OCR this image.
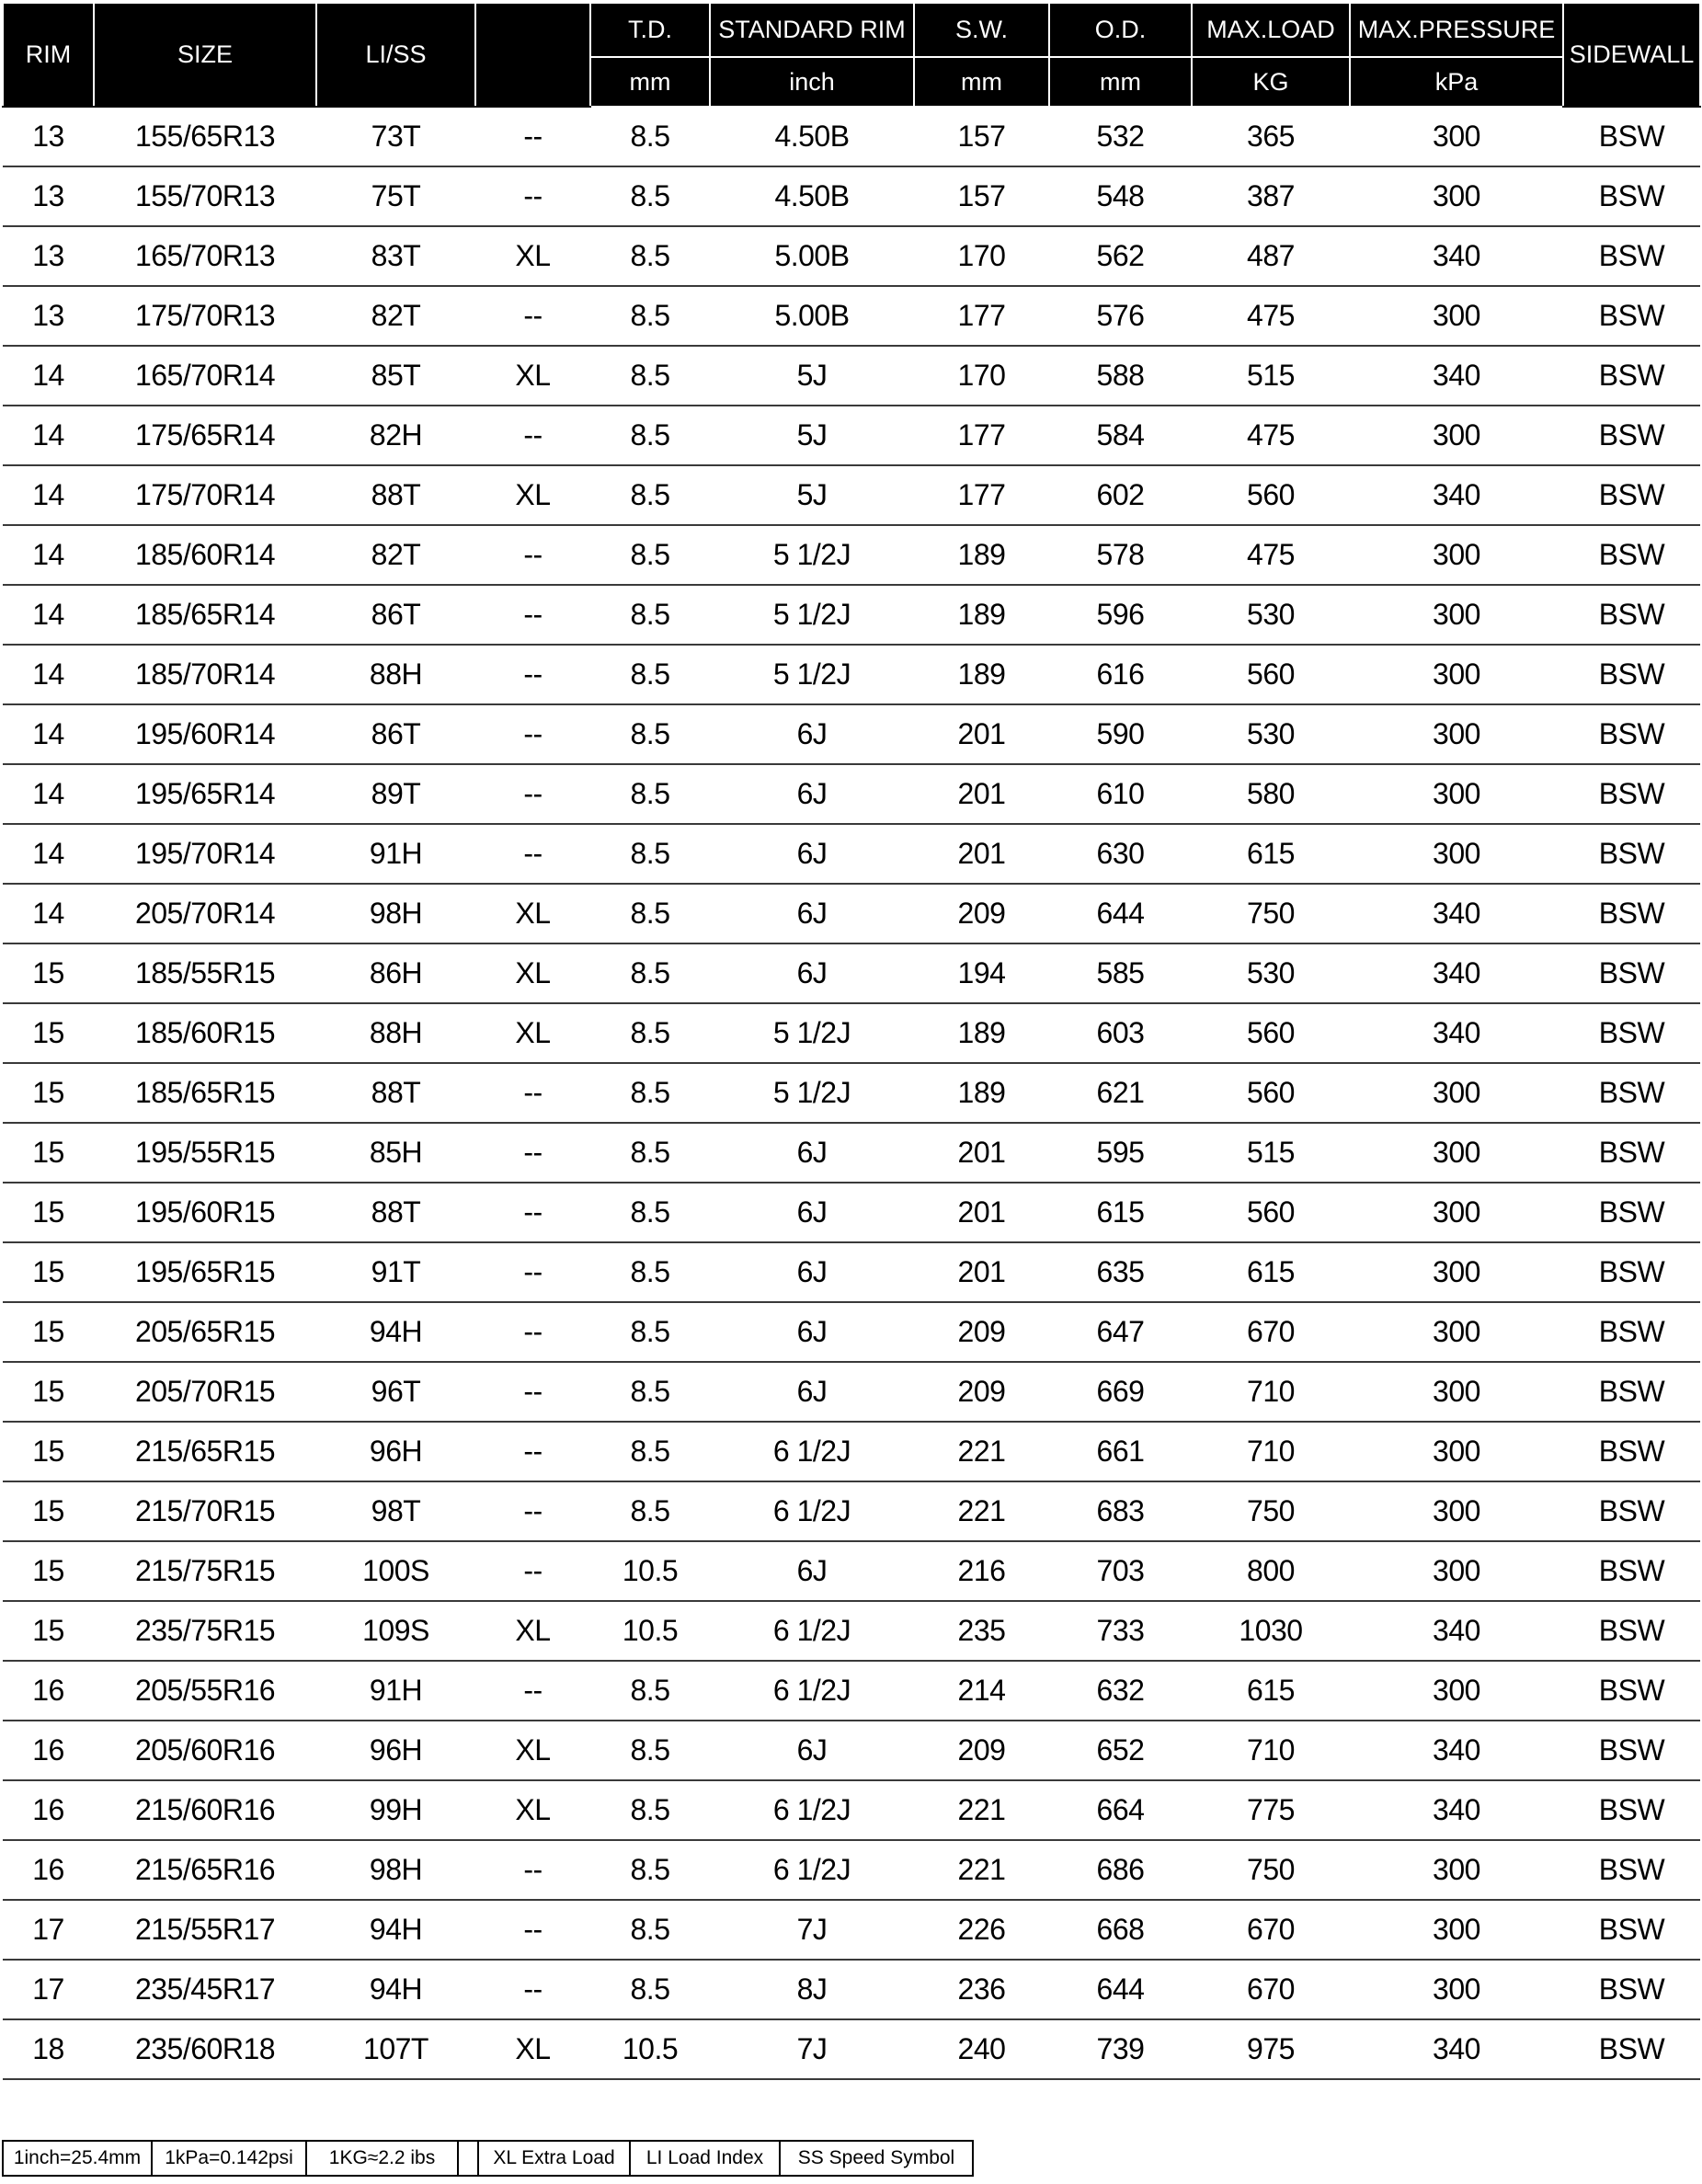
RIM	SIZE	LI/SS		T.D.	STANDARD RIM	S.W.	O.D.	MAX.LOAD	MAX.PRESSURE	SIDEWALL
				mm	inch	mm	mm	KG	kPa	
13	155/65R13	73T	--	8.5	4.50B	157	532	365	300	BSW
13	155/70R13	75T	--	8.5	4.50B	157	548	387	300	BSW
13	165/70R13	83T	XL	8.5	5.00B	170	562	487	340	BSW
13	175/70R13	82T	--	8.5	5.00B	177	576	475	300	BSW
14	165/70R14	85T	XL	8.5	5J	170	588	515	340	BSW
14	175/65R14	82H	--	8.5	5J	177	584	475	300	BSW
14	175/70R14	88T	XL	8.5	5J	177	602	560	340	BSW
14	185/60R14	82T	--	8.5	5 1/2J	189	578	475	300	BSW
14	185/65R14	86T	--	8.5	5 1/2J	189	596	530	300	BSW
14	185/70R14	88H	--	8.5	5 1/2J	189	616	560	300	BSW
14	195/60R14	86T	--	8.5	6J	201	590	530	300	BSW
14	195/65R14	89T	--	8.5	6J	201	610	580	300	BSW
14	195/70R14	91H	--	8.5	6J	201	630	615	300	BSW
14	205/70R14	98H	XL	8.5	6J	209	644	750	340	BSW
15	185/55R15	86H	XL	8.5	6J	194	585	530	340	BSW
15	185/60R15	88H	XL	8.5	5 1/2J	189	603	560	340	BSW
15	185/65R15	88T	--	8.5	5 1/2J	189	621	560	300	BSW
15	195/55R15	85H	--	8.5	6J	201	595	515	300	BSW
15	195/60R15	88T	--	8.5	6J	201	615	560	300	BSW
15	195/65R15	91T	--	8.5	6J	201	635	615	300	BSW
15	205/65R15	94H	--	8.5	6J	209	647	670	300	BSW
15	205/70R15	96T	--	8.5	6J	209	669	710	300	BSW
15	215/65R15	96H	--	8.5	6 1/2J	221	661	710	300	BSW
15	215/70R15	98T	--	8.5	6 1/2J	221	683	750	300	BSW
15	215/75R15	100S	--	10.5	6J	216	703	800	300	BSW
15	235/75R15	109S	XL	10.5	6 1/2J	235	733	1030	340	BSW
16	205/55R16	91H	--	8.5	6 1/2J	214	632	615	300	BSW
16	205/60R16	96H	XL	8.5	6J	209	652	710	340	BSW
16	215/60R16	99H	XL	8.5	6 1/2J	221	664	775	340	BSW
16	215/65R16	98H	--	8.5	6 1/2J	221	686	750	300	BSW
17	215/55R17	94H	--	8.5	7J	226	668	670	300	BSW
17	235/45R17	94H	--	8.5	8J	236	644	670	300	BSW
18	235/60R18	107T	XL	10.5	7J	240	739	975	340	BSW
1inch=25.4mm	1kPa=0.142psi	1KG≈2.2 ibs		XL Extra Load	LI Load Index	SS Speed Symbol
